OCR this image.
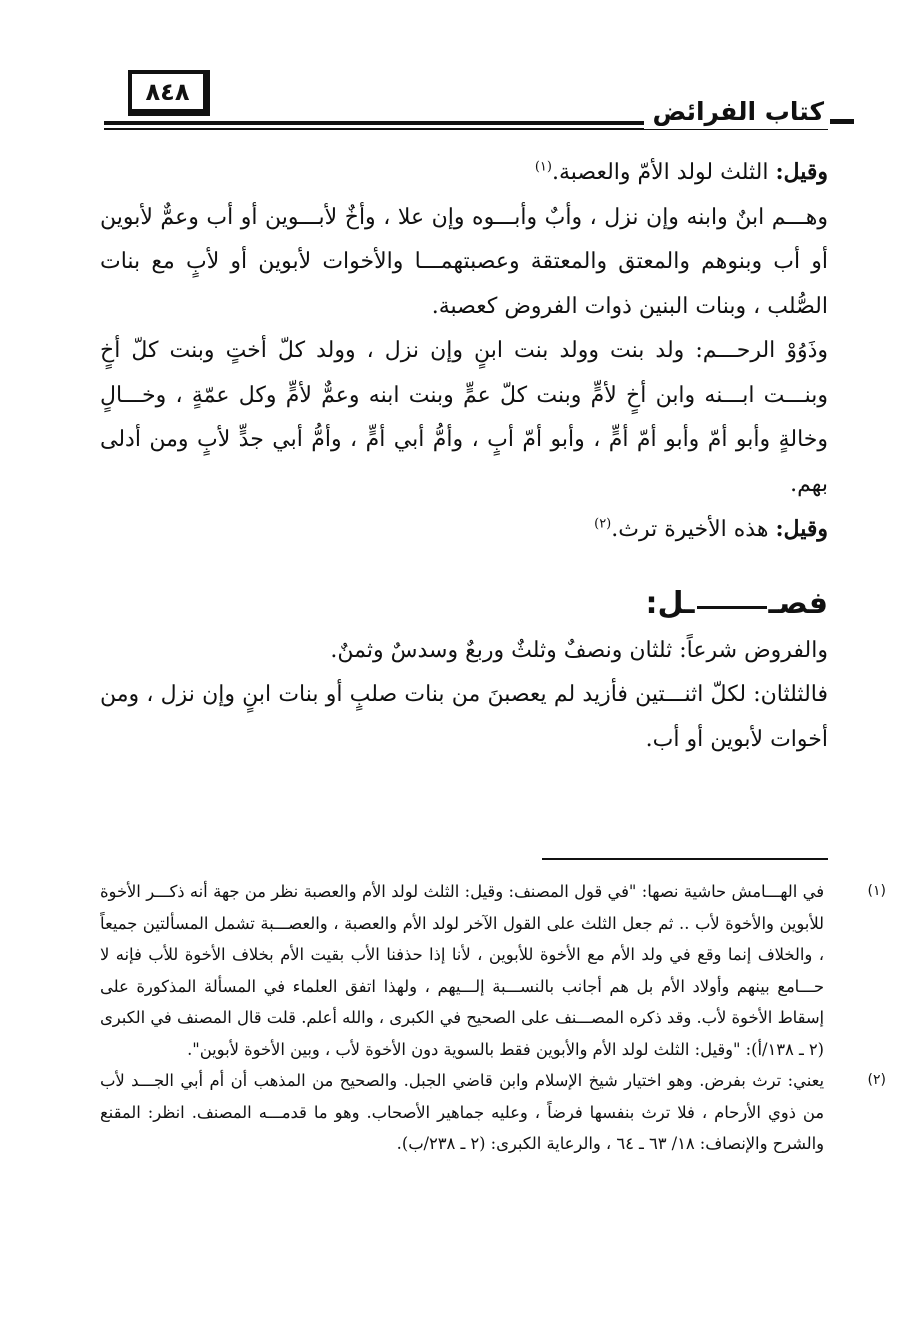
٨٤٨
كتاب الفرائض

وقيل: الثلث لولد الأمّ والعصبة.$^{(١)}$

وهـــم ابنٌ وابنه وإن نزل ، وأبٌ وأبـــوه وإن علا ، وأخٌ لأبـــوين أو أب وعمٌّ لأبوين أو أب وبنوهم والمعتق والمعتقة وعصبتهمـــا والأخوات لأبوين أو لأبٍ مع بنات الصُّلب ، وبنات البنين ذوات الفروض كعصبة.

وذَوُوْ الرحـــم: ولد بنت وولد بنت ابنٍ وإن نزل ، وولد كلّ أختٍ وبنت كلّ أخٍ وبنـــت ابـــنه وابن أخٍ لأمٍّ وبنت كلّ عمٍّ وبنت ابنه وعمٌّ لأمٍّ وكل عمّةٍ ، وخـــالٍ وخالةٍ وأبو أمّ وأبو أمّ أمٍّ ، وأبو أمّ أبٍ ، وأمُّ أبي أمٍّ ، وأمُّ أبي جدٍّ لأبٍ ومن أدلى بهم.

وقيل: هذه الأخيرة ترث.$^{(٢)}$

فصــل:

والفروض شرعاً: ثلثان ونصفٌ وثلثٌ وربعٌ وسدسٌ وثمنٌ.

فالثلثان: لكلّ اثنـــتين فأزيد لم يعصبنَ من بنات صلبٍ أو بنات ابنٍ وإن نزل ، ومن أخوات لأبوين أو أب.

(١)
في الهـــامش حاشية نصها: "في قول المصنف: وقيل: الثلث لولد الأم والعصبة نظر من جهة أنه ذكـــر الأخوة للأبوين والأخوة لأب .. ثم جعل الثلث على القول الآخر لولد الأم والعصبة ، والعصـــبة تشمل المسألتين جميعاً ، والخلاف إنما وقع في ولد الأم مع الأخوة للأبوين ، لأنا إذا حذفنا الأب بقيت الأم بخلاف الأخوة للأب فإنه لا حـــامع بينهم وأولاد الأم بل هم أجانب بالنســـبة إلـــيهم ، ولهذا اتفق العلماء في المسألة المذكورة على إسقاط الأخوة لأب. وقد ذكره المصـــنف على الصحيح في الكبرى ، والله أعلم. قلت قال المصنف في الكبرى (٢ ـ ١٣٨/أ): "وقيل: الثلث لولد الأم والأبوين فقط بالسوية دون الأخوة لأب ، وبين الأخوة لأبوين".
(٢)
يعني: ترث بفرض. وهو اختيار شيخ الإسلام وابن قاضي الجبل. والصحيح من المذهب أن أم أبي الجـــد لأب من ذوي الأرحام ، فلا ترث بنفسها فرضاً ، وعليه جماهير الأصحاب. وهو ما قدمـــه المصنف. انظر: المقنع والشرح والإنصاف: ١٨/ ٦٣ ـ ٦٤ ، والرعاية الكبرى: (٢ ـ ٢٣٨/ب).
